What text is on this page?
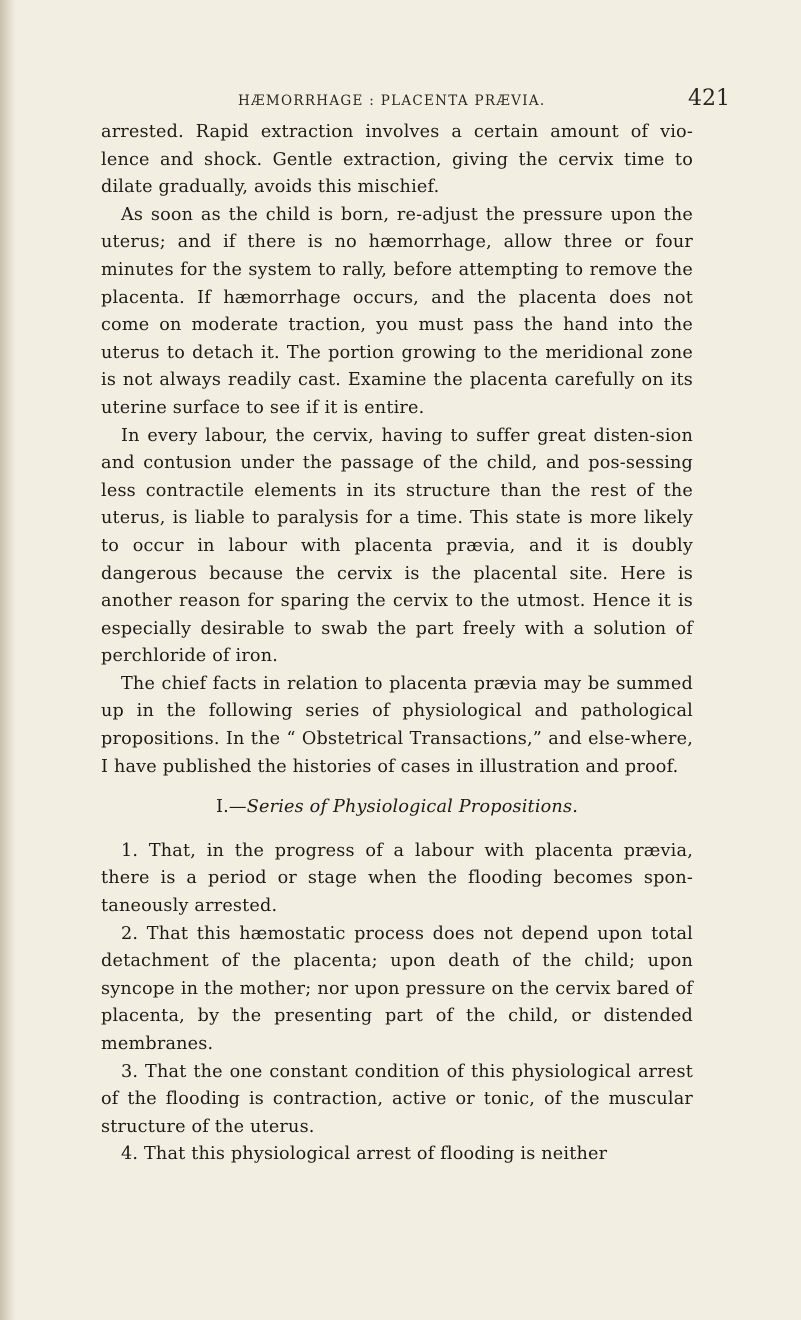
HÆMORRHAGE : PLACENTA PRÆVIA.	421

arrested. Rapid extraction involves a certain amount of vio-lence and shock. Gentle extraction, giving the cervix time to dilate gradually, avoids this mischief.

As soon as the child is born, re-adjust the pressure upon the uterus; and if there is no hæmorrhage, allow three or four minutes for the system to rally, before attempting to remove the placenta. If hæmorrhage occurs, and the placenta does not come on moderate traction, you must pass the hand into the uterus to detach it. The portion growing to the meridional zone is not always readily cast. Examine the placenta carefully on its uterine surface to see if it is entire.

In every labour, the cervix, having to suffer great disten-sion and contusion under the passage of the child, and pos-sessing less contractile elements in its structure than the rest of the uterus, is liable to paralysis for a time. This state is more likely to occur in labour with placenta prævia, and it is doubly dangerous because the cervix is the placental site. Here is another reason for sparing the cervix to the utmost. Hence it is especially desirable to swab the part freely with a solution of perchloride of iron.

The chief facts in relation to placenta prævia may be summed up in the following series of physiological and pathological propositions. In the “ Obstetrical Transactions,” and else-where, I have published the histories of cases in illustration and proof.

I.—Series of Physiological Propositions.

1. That, in the progress of a labour with placenta prævia, there is a period or stage when the flooding becomes spon-taneously arrested.

2. That this hæmostatic process does not depend upon total detachment of the placenta; upon death of the child; upon syncope in the mother; nor upon pressure on the cervix bared of placenta, by the presenting part of the child, or distended membranes.

3. That the one constant condition of this physiological arrest of the flooding is contraction, active or tonic, of the muscular structure of the uterus.

4. That this physiological arrest of flooding is neither
